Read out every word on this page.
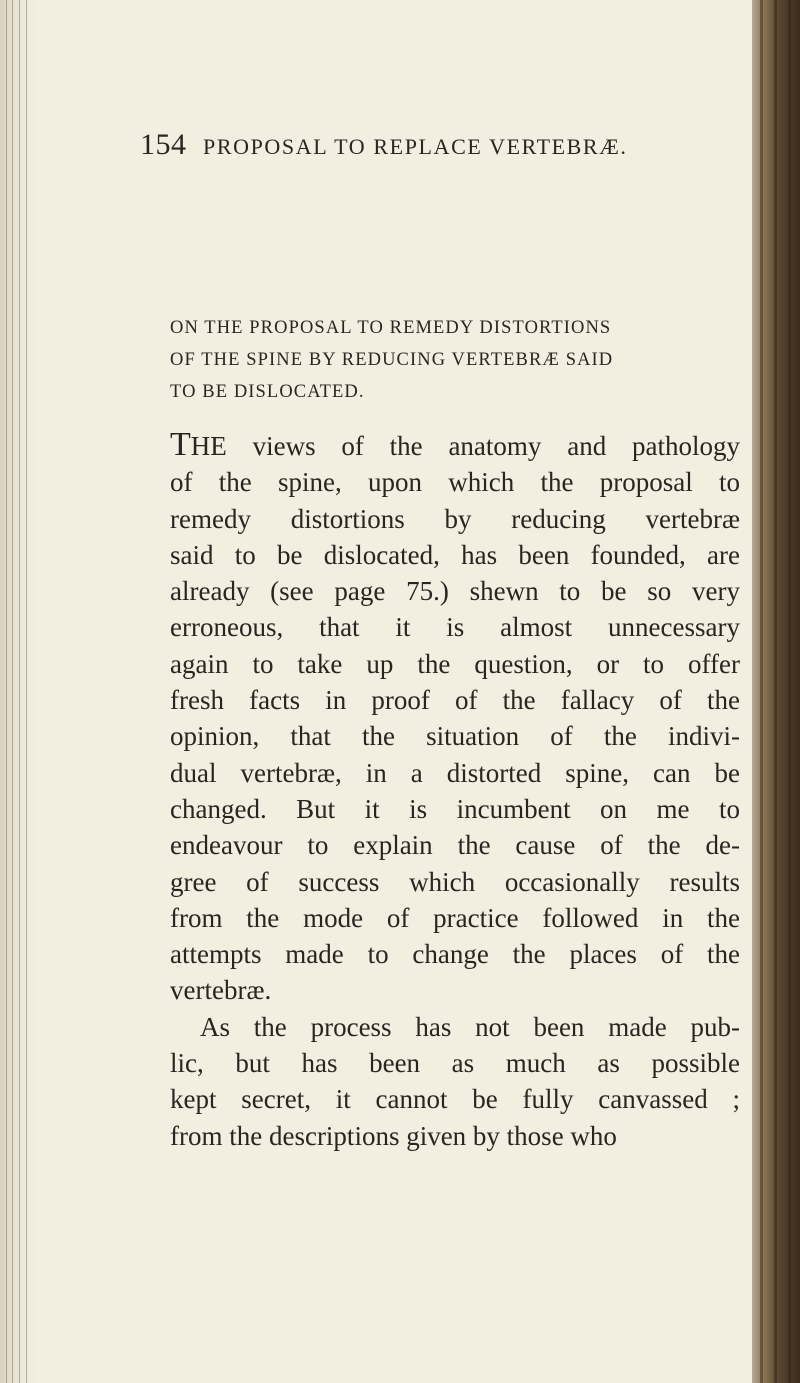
154 PROPOSAL TO REPLACE VERTEBRÆ.
ON THE PROPOSAL TO REMEDY DISTORTIONS
OF THE SPINE BY REDUCING VERTEBRÆ SAID
TO BE DISLOCATED.
THE views of the anatomy and pathology
of the spine, upon which the proposal to
remedy distortions by reducing vertebræ
said to be dislocated, has been founded, are
already (see page 75.) shewn to be so very
erroneous, that it is almost unnecessary
again to take up the question, or to offer
fresh facts in proof of the fallacy of the
opinion, that the situation of the indivi-
dual vertebræ, in a distorted spine, can be
changed. But it is incumbent on me to
endeavour to explain the cause of the de-
gree of success which occasionally results
from the mode of practice followed in the
attempts made to change the places of the
vertebræ.
As the process has not been made pub-
lic, but has been as much as possible
kept secret, it cannot be fully canvassed ;
from the descriptions given by those who
